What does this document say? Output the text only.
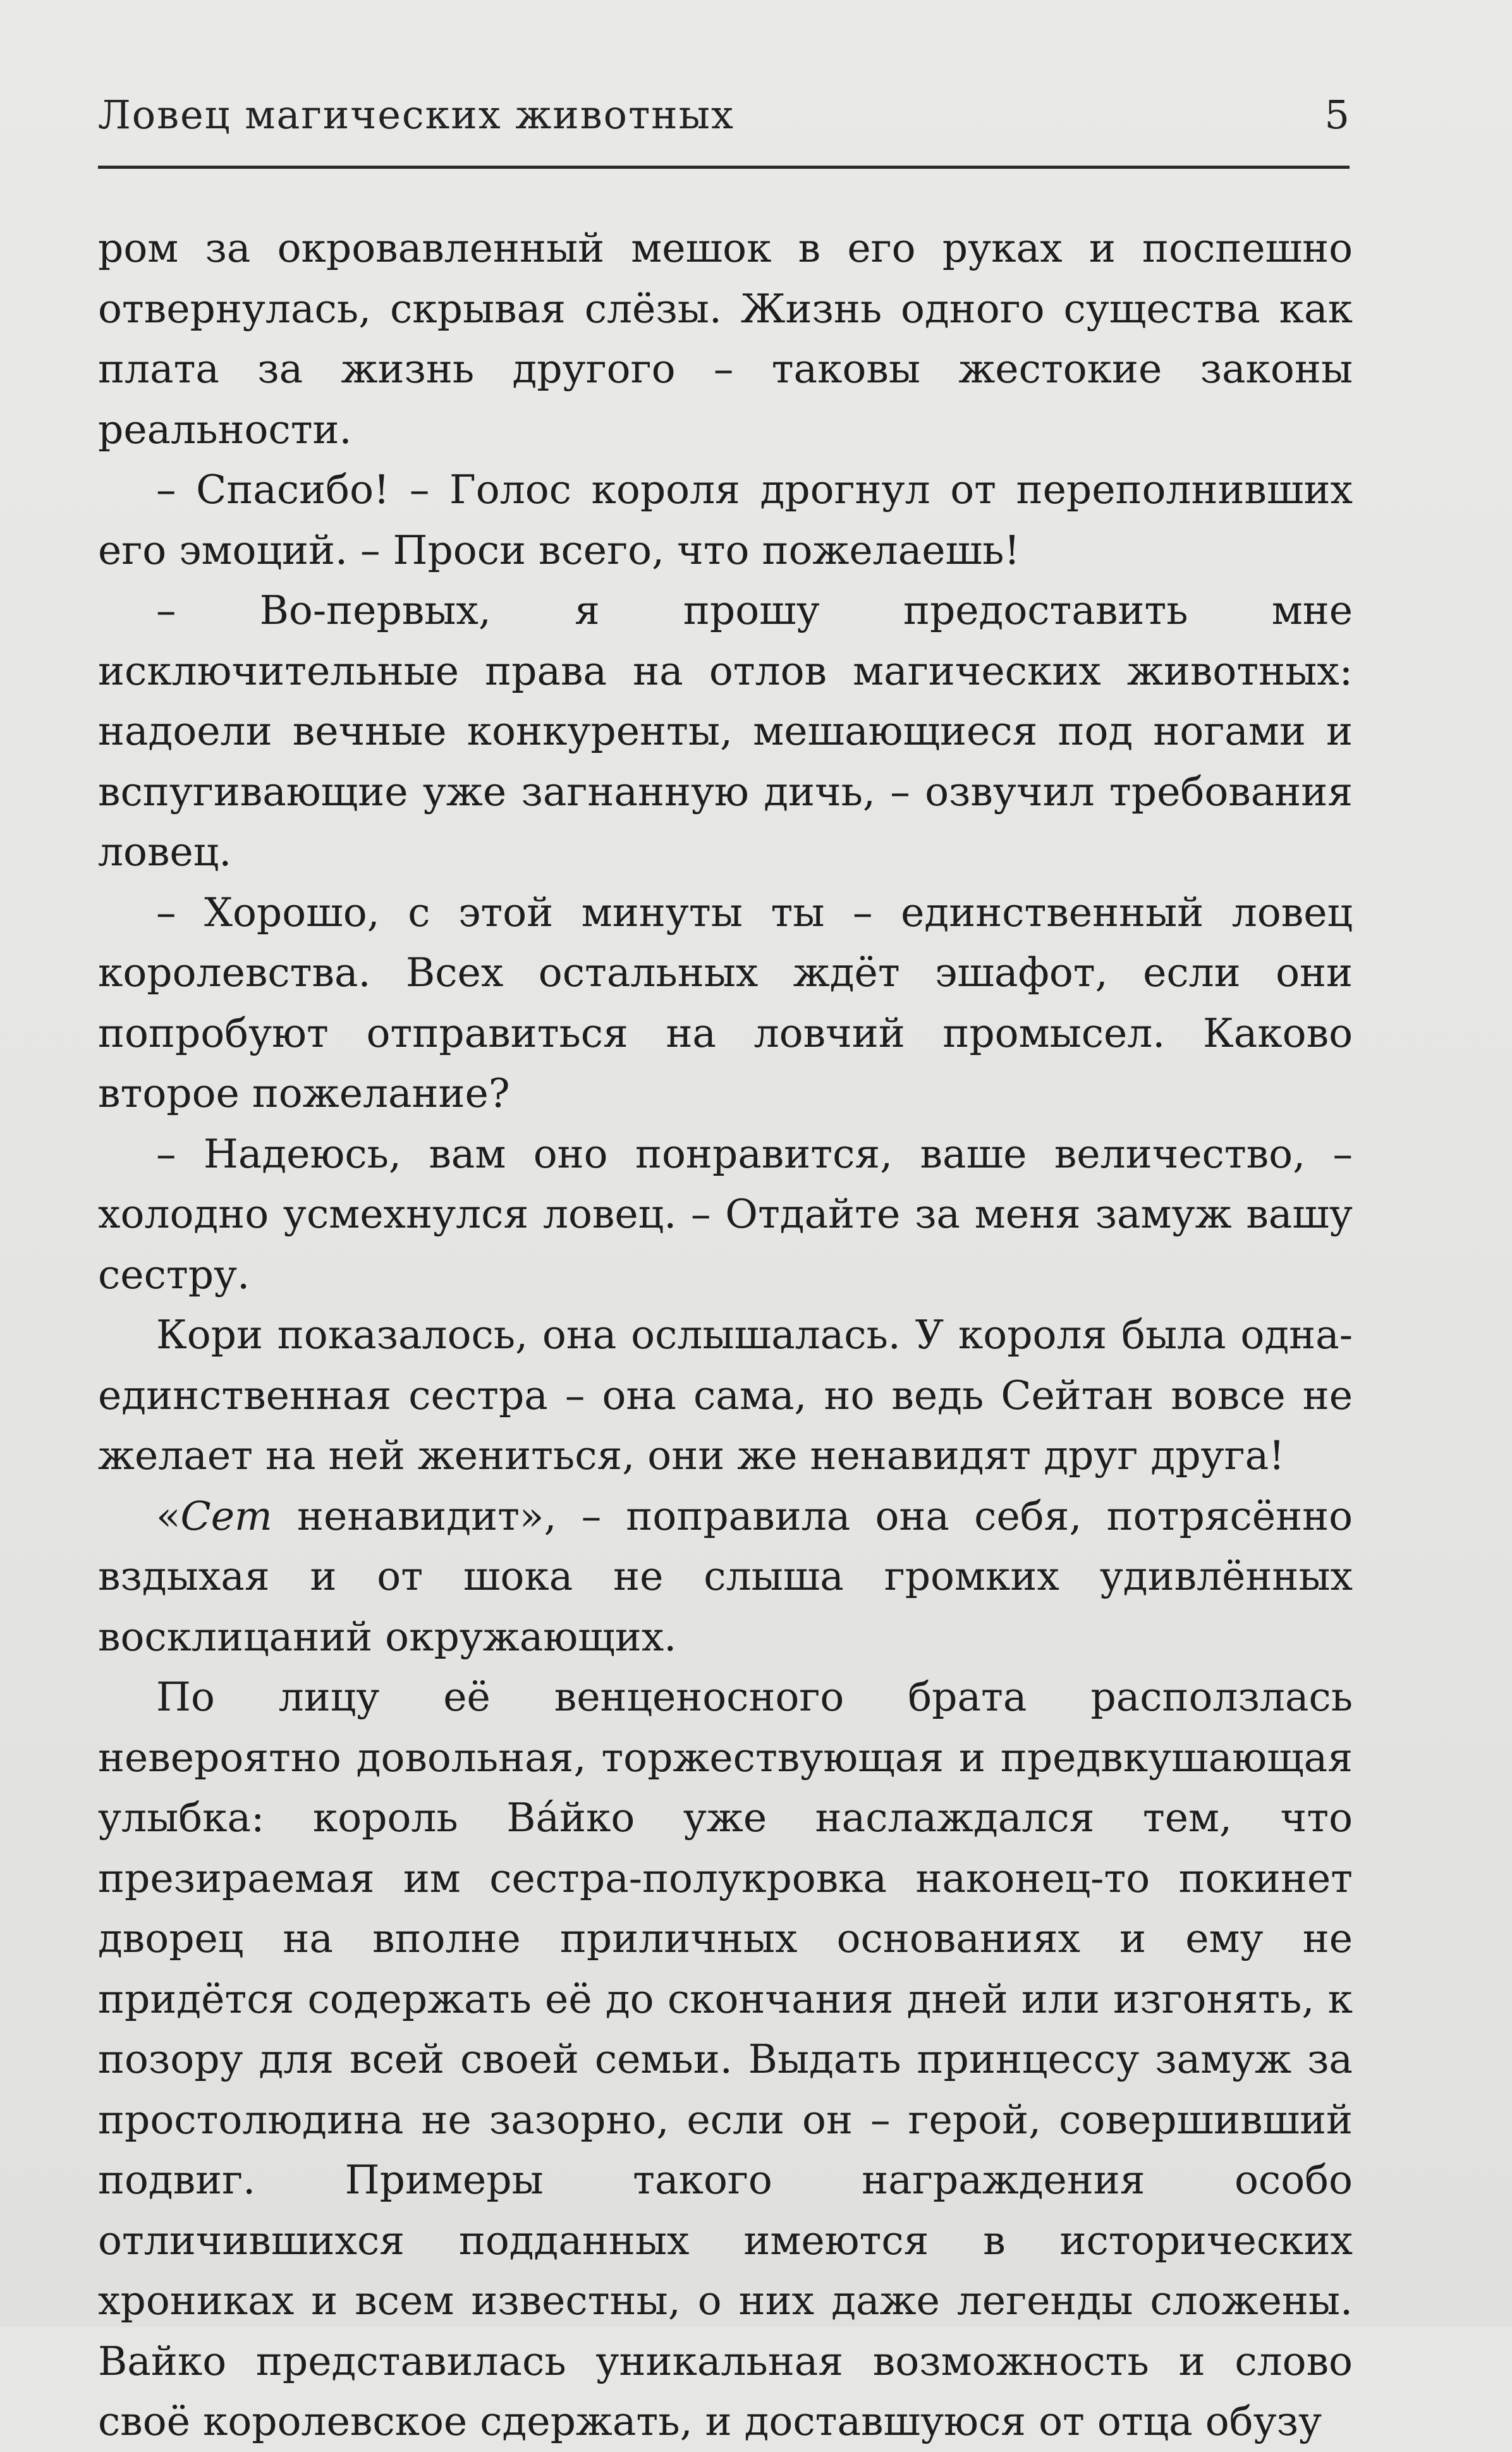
Ловец магических животных	5

ром за окровавленный мешок в его руках и поспешно отвернулась, скрывая слёзы. Жизнь одного существа как плата за жизнь другого – таковы жестокие законы реальности.

– Спасибо! – Голос короля дрогнул от переполнивших его эмоций. – Проси всего, что пожелаешь!

– Во-первых, я прошу предоставить мне исключительные права на отлов магических животных: надоели вечные конкуренты, мешающиеся под ногами и вспугивающие уже загнанную дичь, – озвучил требования ловец.

– Хорошо, с этой минуты ты – единственный ловец королевства. Всех остальных ждёт эшафот, если они попробуют отправиться на ловчий промысел. Каково второе пожелание?

– Надеюсь, вам оно понравится, ваше величество, – холодно усмехнулся ловец. – Отдайте за меня замуж вашу сестру.

Кори показалось, она ослышалась. У короля была одна-единственная сестра – она сама, но ведь Сейтан вовсе не желает на ней жениться, они же ненавидят друг друга!

«Сет ненавидит», – поправила она себя, потрясённо вздыхая и от шока не слыша громких удивлённых восклицаний окружающих.

По лицу её венценосного брата расползлась невероятно довольная, торжествующая и предвкушающая улыбка: король Ва́йко уже наслаждался тем, что презираемая им сестра-полукровка наконец-то покинет дворец на вполне приличных основаниях и ему не придётся содержать её до скончания дней или изгонять, к позору для всей своей семьи. Выдать принцессу замуж за простолюдина не зазорно, если он – герой, совершивший подвиг. Примеры такого награждения особо отличившихся подданных имеются в исторических хрониках и всем известны, о них даже легенды сложены. Вайко представилась уникальная возможность и слово своё королевское сдержать, и доставшуюся от отца обузу
